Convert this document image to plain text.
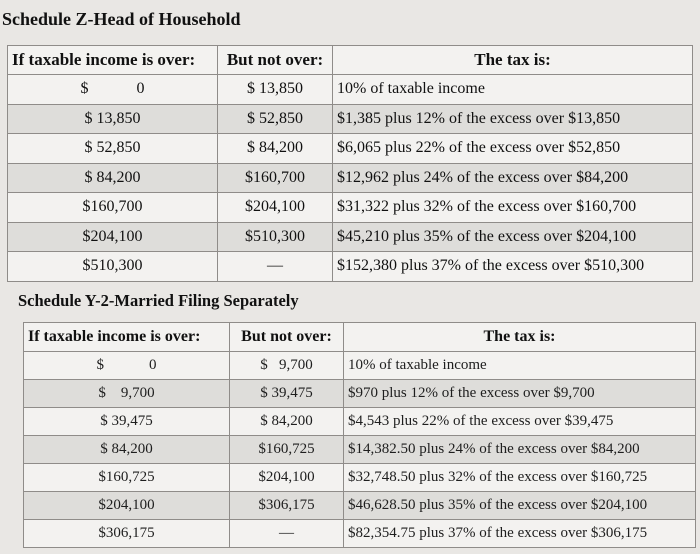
Schedule Z-Head of Household
If taxable income is over:	But not over:	The tax is:
$            0	$ 13,850	10% of taxable income
$ 13,850	$ 52,850	$1,385 plus 12% of the excess over $13,850
$ 52,850	$ 84,200	$6,065 plus 22% of the excess over $52,850
$ 84,200	$160,700	$12,962 plus 24% of the excess over $84,200
$160,700	$204,100	$31,322 plus 32% of the excess over $160,700
$204,100	$510,300	$45,210 plus 35% of the excess over $204,100
$510,300	—	$152,380 plus 37% of the excess over $510,300
Schedule Y-2-Married Filing Separately
If taxable income is over:	But not over:	The tax is:
$            0	$   9,700	10% of taxable income
$    9,700	$ 39,475	$970 plus 12% of the excess over $9,700
$ 39,475	$ 84,200	$4,543 plus 22% of the excess over $39,475
$ 84,200	$160,725	$14,382.50 plus 24% of the excess over $84,200
$160,725	$204,100	$32,748.50 plus 32% of the excess over $160,725
$204,100	$306,175	$46,628.50 plus 35% of the excess over $204,100
$306,175	—	$82,354.75 plus 37% of the excess over $306,175
